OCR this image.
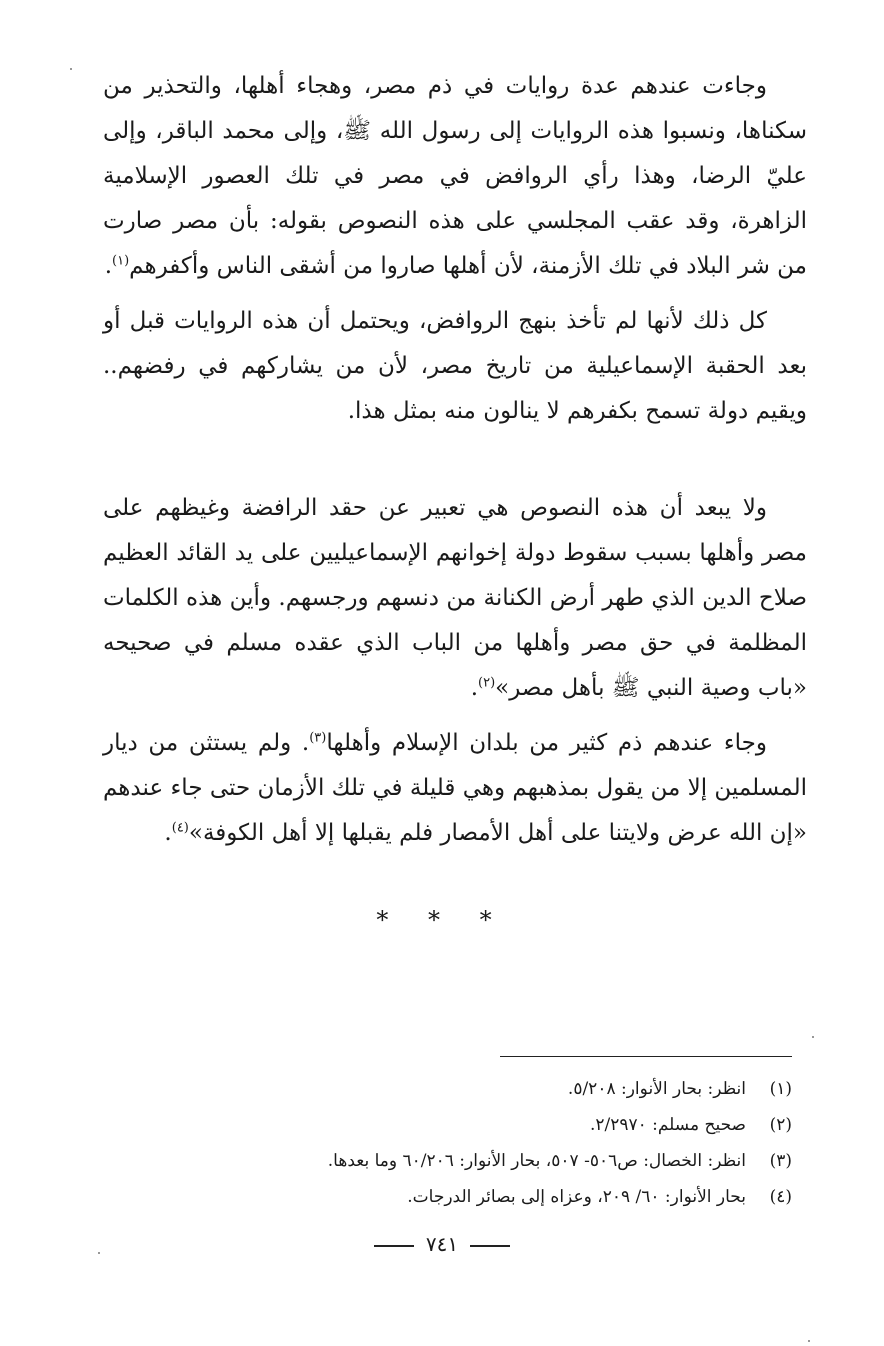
وجاءت عندهم عدة روايات في ذم مصر، وهجاء أهلها، والتحذير من سكناها، ونسبوا هذه الروايات إلى رسول الله ﷺ، وإلى محمد الباقر، وإلى عليّ الرضا، وهذا رأي الروافض في مصر في تلك العصور الإسلامية الزاهرة، وقد عقب المجلسي على هذه النصوص بقوله: بأن مصر صارت من شر البلاد في تلك الأزمنة، لأن أهلها صاروا من أشقى الناس وأكفرهم$^{(١)}$.

كل ذلك لأنها لم تأخذ بنهج الروافض، ويحتمل أن هذه الروايات قبل أو بعد الحقبة الإسماعيلية من تاريخ مصر، لأن من يشاركهم في رفضهم.. ويقيم دولة تسمح بكفرهم لا ينالون منه بمثل هذا.

ولا يبعد أن هذه النصوص هي تعبير عن حقد الرافضة وغيظهم على مصر وأهلها بسبب سقوط دولة إخوانهم الإسماعيليين على يد القائد العظيم صلاح الدين الذي طهر أرض الكنانة من دنسهم ورجسهم. وأين هذه الكلمات المظلمة في حق مصر وأهلها من الباب الذي عقده مسلم في صحيحه «باب وصية النبي ﷺ بأهل مصر»$^{(٢)}$.

وجاء عندهم ذم كثير من بلدان الإسلام وأهلها$^{(٣)}$. ولم يستثن من ديار المسلمين إلا من يقول بمذهبهم وهي قليلة في تلك الأزمان حتى جاء عندهم «إن الله عرض ولايتنا على أهل الأمصار فلم يقبلها إلا أهل الكوفة»$^{(٤)}$.

* * *
(١)انظر: بحار الأنوار: ٥/٢٠٨.
(٢)صحيح مسلم: ٢/٢٩٧٠.
(٣)انظر: الخصال: ص٥٠٦- ٥٠٧، بحار الأنوار: ٦٠/٢٠٦ وما بعدها.
(٤)بحار الأنوار: ٦٠/ ٢٠٩، وعزاه إلى بصائر الدرجات.
٧٤١
